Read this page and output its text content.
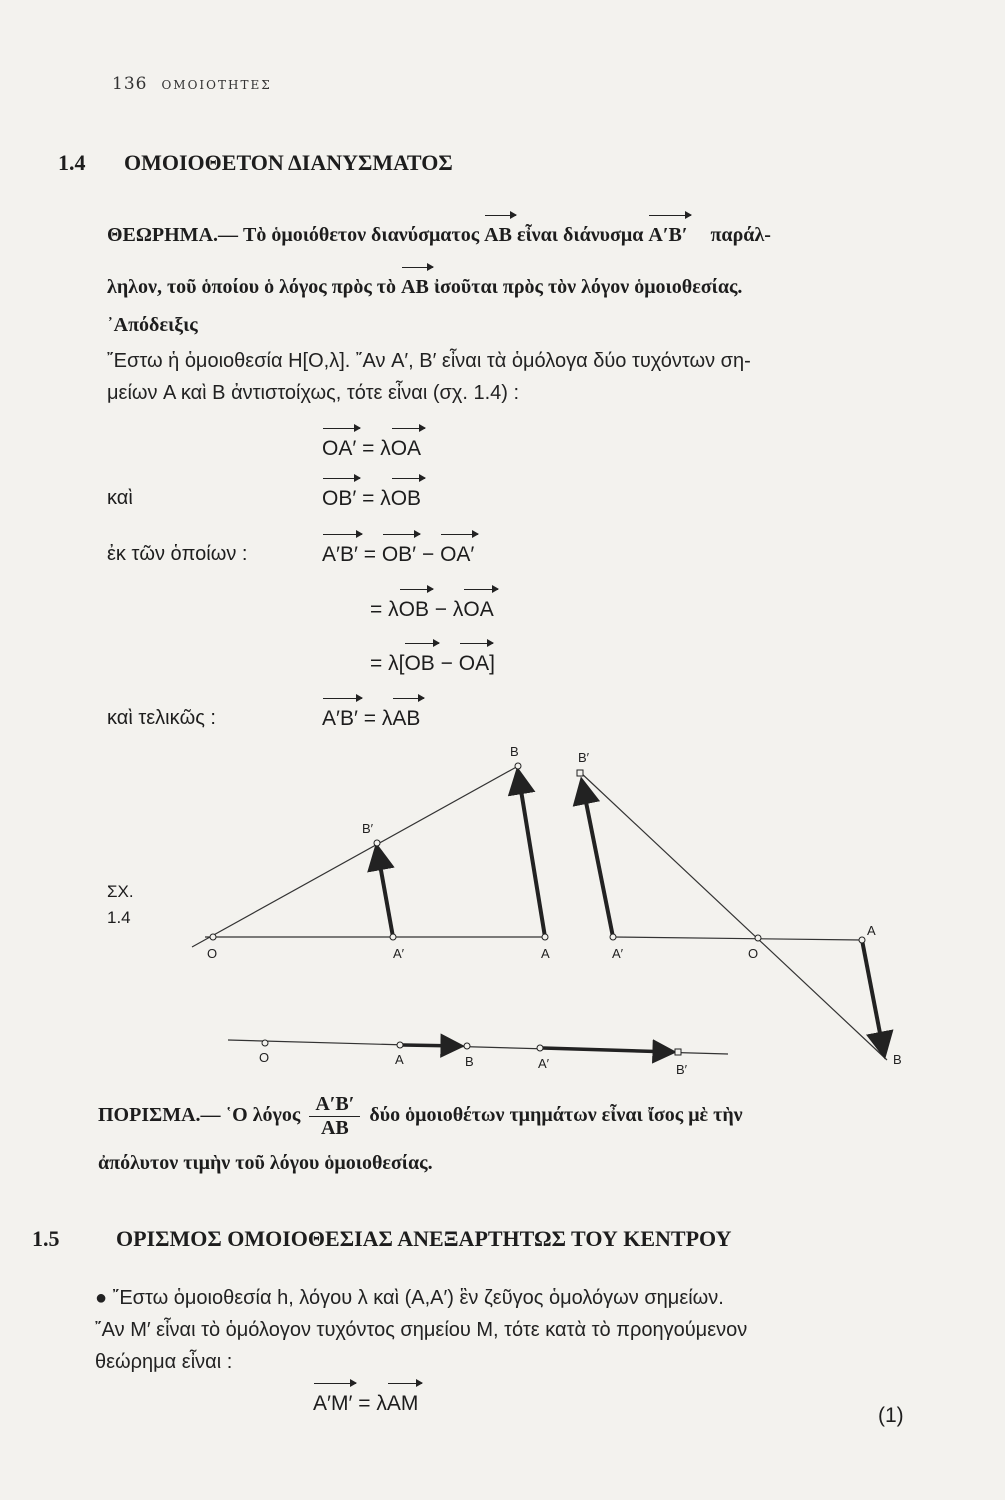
136 ΟΜΟΙΟΤΗΤΕΣ
1.4 ΟΜΟΙΟΘΕΤΟΝ ΔΙΑΝΥΣΜΑΤΟΣ
ΘΕΩΡΗΜΑ.— Τὸ ὁμοιόθετον διανύσματος AB εἶναι διάνυσμα A′B′ παράλ-
ληλον, τοῦ ὁποίου ὁ λόγος πρὸς τὸ AB ἰσοῦται πρὸς τὸν λόγον ὁμοιοθεσίας.
᾿Απόδειξις
῎Εστω ἡ ὁμοιοθεσία H[O,λ]. ῎Αν A′, B′ εἶναι τὰ ὁμόλογα δύο τυχόντων ση-
μείων A καὶ B ἀντιστοίχως, τότε εἶναι (σχ. 1.4) :
OA′ = λOA
καὶ	OB′ = λOB
ἐκ τῶν ὁποίων :	A′B′ = OB′ − OA′
= λOB − λOA
= λ[OB − OA]
καὶ τελικῶς :	A′B′ = λAB
ΣΧ.
1.4
O	A′	A
B′
B
A′
B′
O
A
B
O	A	B	A′	B′
ΠΟΡΙΣΜΑ.— ῾Ο λόγος $\frac{A'B'}{AB}$ δύο ὁμοιοθέτων τμημάτων εἶναι ἴσος μὲ τὴν
ἀπόλυτον τιμὴν τοῦ λόγου ὁμοιοθεσίας.
1.5	ΟΡΙΣΜΟΣ ΟΜΟΙΟΘΕΣΙΑΣ ΑΝΕΞΑΡΤΗΤΩΣ ΤΟΥ ΚΕΝΤΡΟΥ
● ῎Εστω ὁμοιοθεσία h, λόγου λ καὶ (A,A′) ἓν ζεῦγος ὁμολόγων σημείων.
῎Αν M′ εἶναι τὸ ὁμόλογον τυχόντος σημείου M, τότε κατὰ τὸ προηγούμενον
θεώρημα εἶναι :
A′M′ = λAM
(1)
